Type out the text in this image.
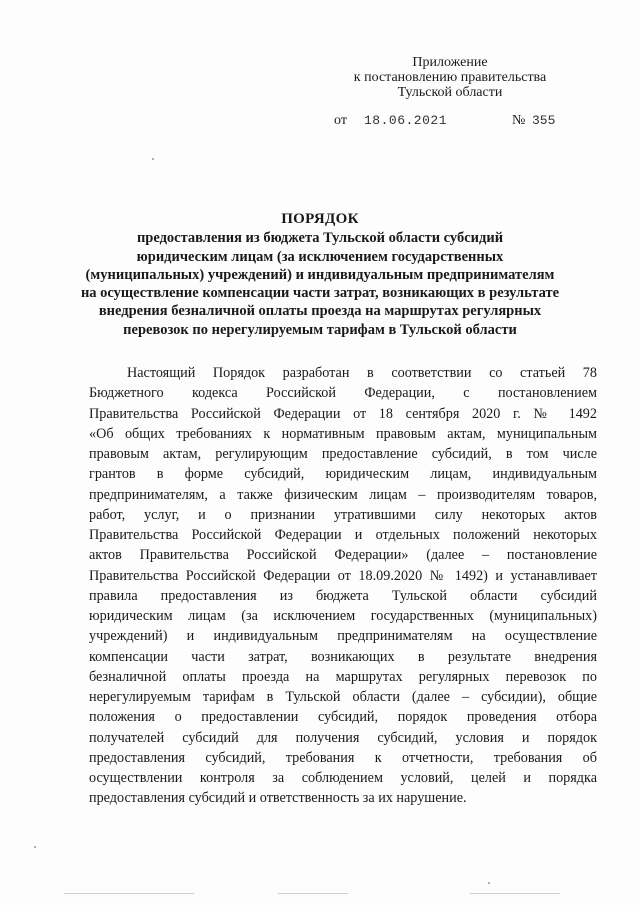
Приложение
к постановлению правительства
Тульской области
от 18.06.2021	№ 355
ПОРЯДОК
предоставления из бюджета Тульской области субсидий
юридическим лицам (за исключением государственных
(муниципальных) учреждений) и индивидуальным предпринимателям
на осуществление компенсации части затрат, возникающих в результате
внедрения безналичной оплаты проезда на маршрутах регулярных
перевозок по нерегулируемым тарифам в Тульской области
Настоящий Порядок разработан в соответствии со статьей 78
Бюджетного кодекса Российской Федерации, с постановлением
Правительства Российской Федерации от 18 сентября 2020 г. № 1492
«Об общих требованиях к нормативным правовым актам, муниципальным
правовым актам, регулирующим предоставление субсидий, в том числе
грантов в форме субсидий, юридическим лицам, индивидуальным
предпринимателям, а также физическим лицам – производителям товаров,
работ, услуг, и о признании утратившими силу некоторых актов
Правительства Российской Федерации и отдельных положений некоторых
актов Правительства Российской Федерации» (далее – постановление
Правительства Российской Федерации от 18.09.2020 № 1492) и устанавливает
правила предоставления из бюджета Тульской области субсидий
юридическим лицам (за исключением государственных (муниципальных)
учреждений) и индивидуальным предпринимателям на осуществление
компенсации части затрат, возникающих в результате внедрения
безналичной оплаты проезда на маршрутах регулярных перевозок по
нерегулируемым тарифам в Тульской области (далее – субсидии), общие
положения о предоставлении субсидий, порядок проведения отбора
получателей субсидий для получения субсидий, условия и порядок
предоставления субсидий, требования к отчетности, требования об
осуществлении контроля за соблюдением условий, целей и порядка
предоставления субсидий и ответственность за их нарушение.
